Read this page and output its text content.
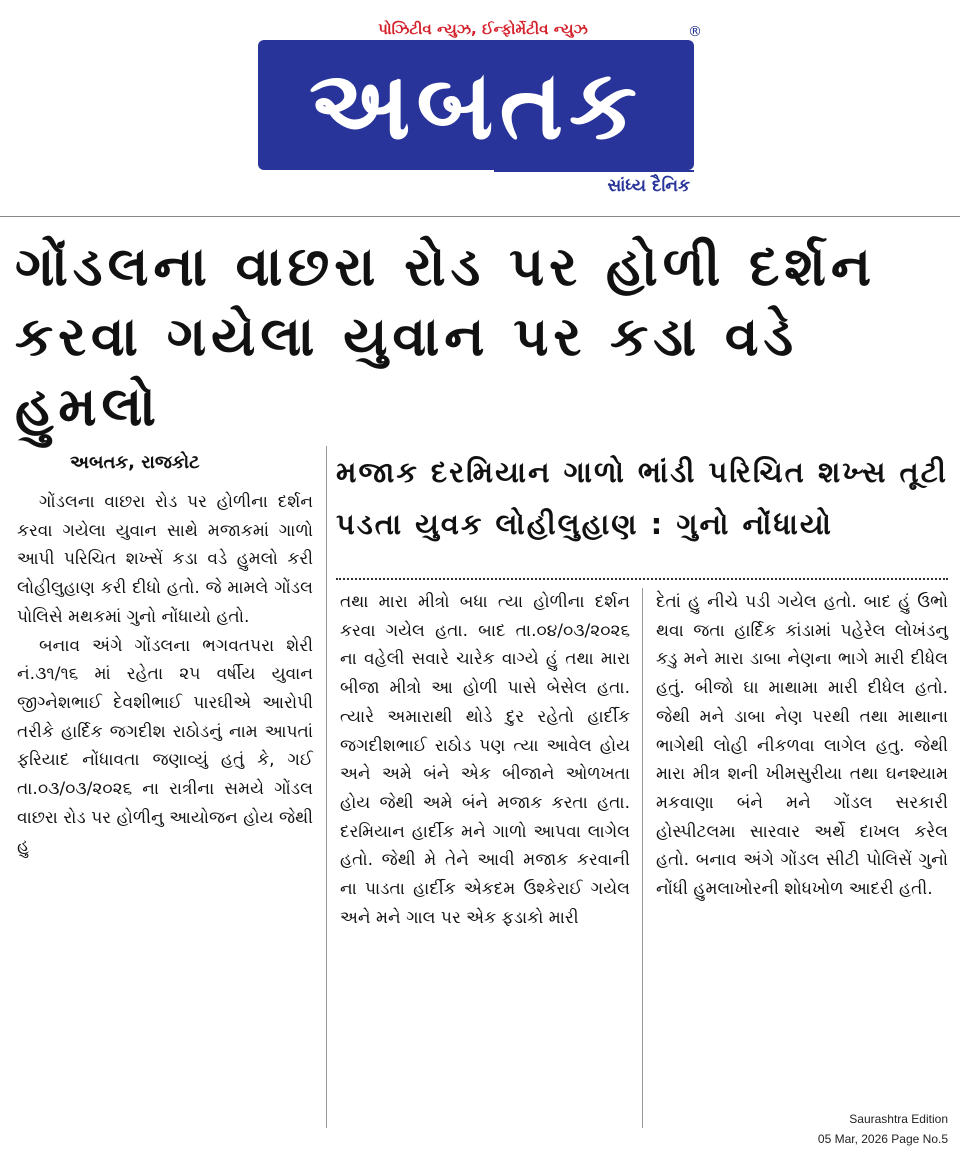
પોઝિટીવ ન્યુઝ, ઈન્ફોર્મેટીવ ન્યુઝ	®
અબતક
સાંધ્ય દૈનિક
ગોંડલના વાછરા રોડ પર હોળી દર્શન કરવા ગયેલા યુવાન પર કડા વડે હુમલો
અબતક, રાજકોટ	મજાક દરમિયાન ગાળો ભાંડી પરિચિત શખ્સ તૂટી પડતા યુવક લોહીલુહાણ : ગુનો નોંધાયો

ગોંડલના વાછરા રોડ પર હોળીના દર્શન કરવા ગયેલા યુવાન સાથે મજાકમાં ગાળો આપી પરિચિત શખ્સેં કડા વડે હુમલો કરી લોહીલુહાણ કરી દીધો હતો. જે મામલે ગોંડલ પોલિસે મથકમાં ગુનો નોંધાયો હતો.

બનાવ અંગે ગોંડલના ભગવતપરા શેરી નં.૩૧/૧૬ માં રહેતા ૨૫ વર્ષીય યુવાન જીગ્નેશભાઈ દેવશીભાઈ પારઘીએ આરોપી તરીકે હાર્દિક જગદીશ રાઠોડનું નામ આપતાં ફરિયાદ નોંધાવતા જણાવ્યું હતું કે, ગઈ તા.૦૩/૦૩/૨૦૨૬ ના રાત્રીના સમયે ગોંડલ વાછરા રોડ પર હોળીનુ આયોજન હોય જેથી હુ

તથા મારા મીત્રો બધા ત્યા હોળીના દર્શન કરવા ગયેલ હતા. બાદ તા.૦૪/૦૩/૨૦૨૬ ના વહેલી સવારે ચારેક વાગ્યે હું તથા મારા બીજા મીત્રો આ હોળી પાસે બેસેલ હતા. ત્યારે અમારાથી થોડે દુર રહેતો હાર્દીક જગદીશભાઈ રાઠોડ પણ ત્યા આવેલ હોય અને અમે બંને એક બીજાને ઓળખતા હોય જેથી અમે બંને મજાક કરતા હતા. દરમિયાન હાર્દીક મને ગાળો આપવા લાગેલ હતો. જેથી મે તેને આવી મજાક કરવાની ના પાડતા હાર્દીક એકદમ ઉશ્કેરાઈ ગયેલ અને મને ગાલ પર એક ફડાકો મારી

દેતાં હુ નીચે પડી ગયેલ હતો. બાદ હું ઉભો થવા જતા હાર્દિક કાંડામાં પહેરેલ લોખંડનુ કડુ મને મારા ડાબા નેણના ભાગે મારી દીધેલ હતું. બીજો ઘા માથામા મારી દીધેલ હતો. જેથી મને ડાબા નેણ પરથી તથા માથાના ભાગેથી લોહી નીકળવા લાગેલ હતુ. જેથી મારા મીત્ર શની ખીમસુરીયા તથા ઘનશ્યામ મકવાણા બંને મને ગોંડલ સરકારી હોસ્પીટલમા સારવાર અર્થે દાખલ કરેલ હતો. બનાવ અંગે ગોંડલ સીટી પોલિસેં ગુનો નોંધી હુમલાખોરની શોધખોળ આદરી હતી.

Saurashtra Edition
05 Mar, 2026 Page No.5
